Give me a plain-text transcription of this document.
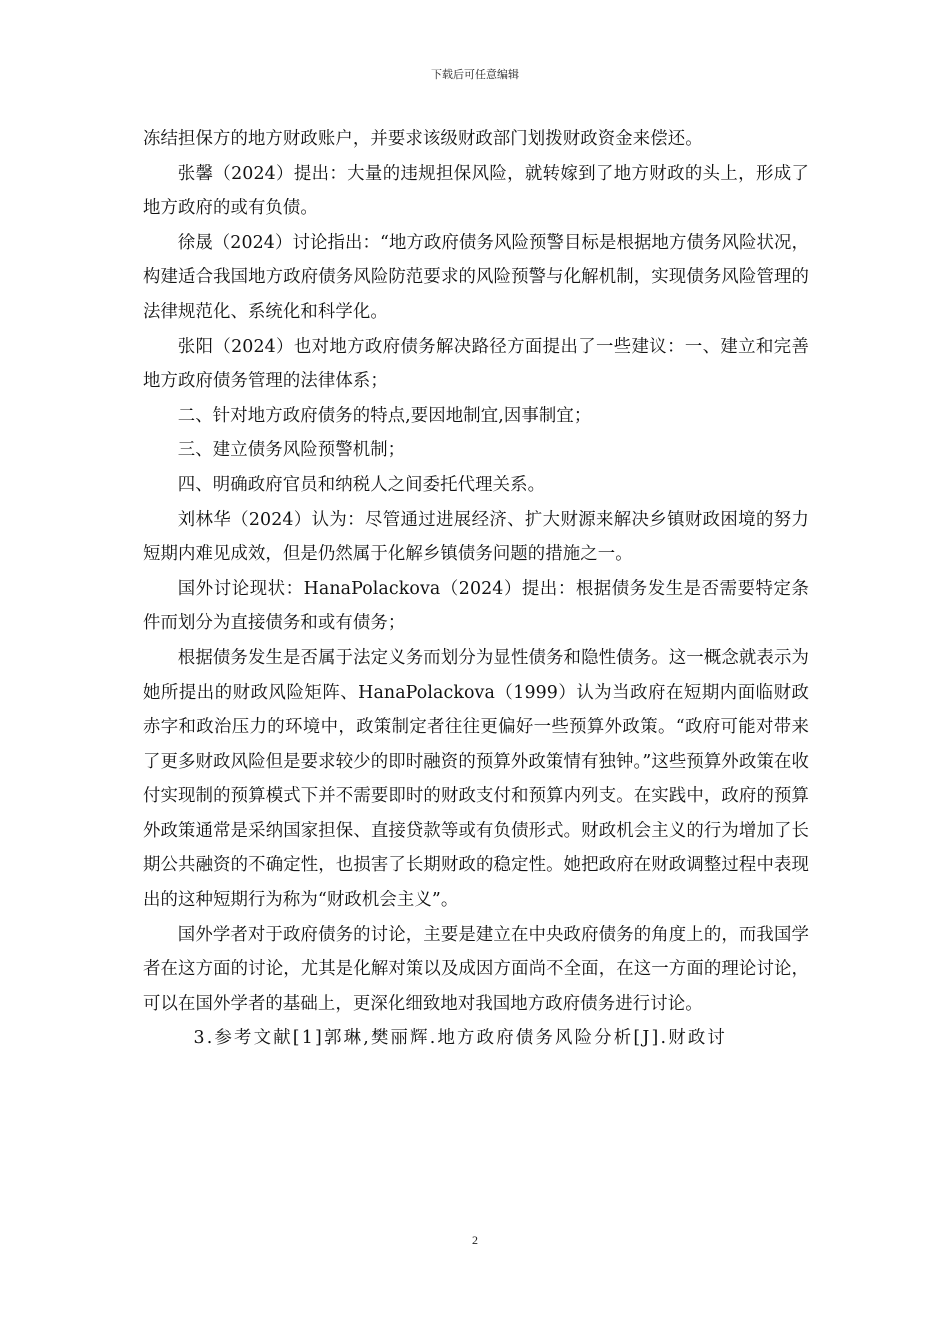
下载后可任意编辑

冻结担保方的地方财政账户，并要求该级财政部门划拨财政资金来偿还。

张馨（2024）提出：大量的违规担保风险，就转嫁到了地方财政的头上，形成了地方政府的或有负债。

徐晟（2024）讨论指出：“地方政府债务风险预警目标是根据地方债务风险状况，构建适合我国地方政府债务风险防范要求的风险预警与化解机制，实现债务风险管理的法律规范化、系统化和科学化。

张阳（2024）也对地方政府债务解决路径方面提出了一些建议：一、建立和完善地方政府债务管理的法律体系；

二、针对地方政府债务的特点,要因地制宜,因事制宜；

三、建立债务风险预警机制；

四、明确政府官员和纳税人之间委托代理关系。

刘林华（2024）认为：尽管通过进展经济、扩大财源来解决乡镇财政困境的努力短期内难见成效，但是仍然属于化解乡镇债务问题的措施之一。

国外讨论现状：HanaPolackova（2024）提出：根据债务发生是否需要特定条件而划分为直接债务和或有债务；

根据债务发生是否属于法定义务而划分为显性债务和隐性债务。这一概念就表示为她所提出的财政风险矩阵、HanaPolackova（1999）认为当政府在短期内面临财政赤字和政治压力的环境中，政策制定者往往更偏好一些预算外政策。“政府可能对带来了更多财政风险但是要求较少的即时融资的预算外政策情有独钟。”这些预算外政策在收付实现制的预算模式下并不需要即时的财政支付和预算内列支。在实践中，政府的预算外政策通常是采纳国家担保、直接贷款等或有负债形式。财政机会主义的行为增加了长期公共融资的不确定性，也损害了长期财政的稳定性。她把政府在财政调整过程中表现出的这种短期行为称为“财政机会主义”。

国外学者对于政府债务的讨论，主要是建立在中央政府债务的角度上的，而我国学者在这方面的讨论，尤其是化解对策以及成因方面尚不全面，在这一方面的理论讨论，可以在国外学者的基础上，更深化细致地对我国地方政府债务进行讨论。

3.参考文献[1]郭琳,樊丽辉.地方政府债务风险分析[J].财政讨

2
